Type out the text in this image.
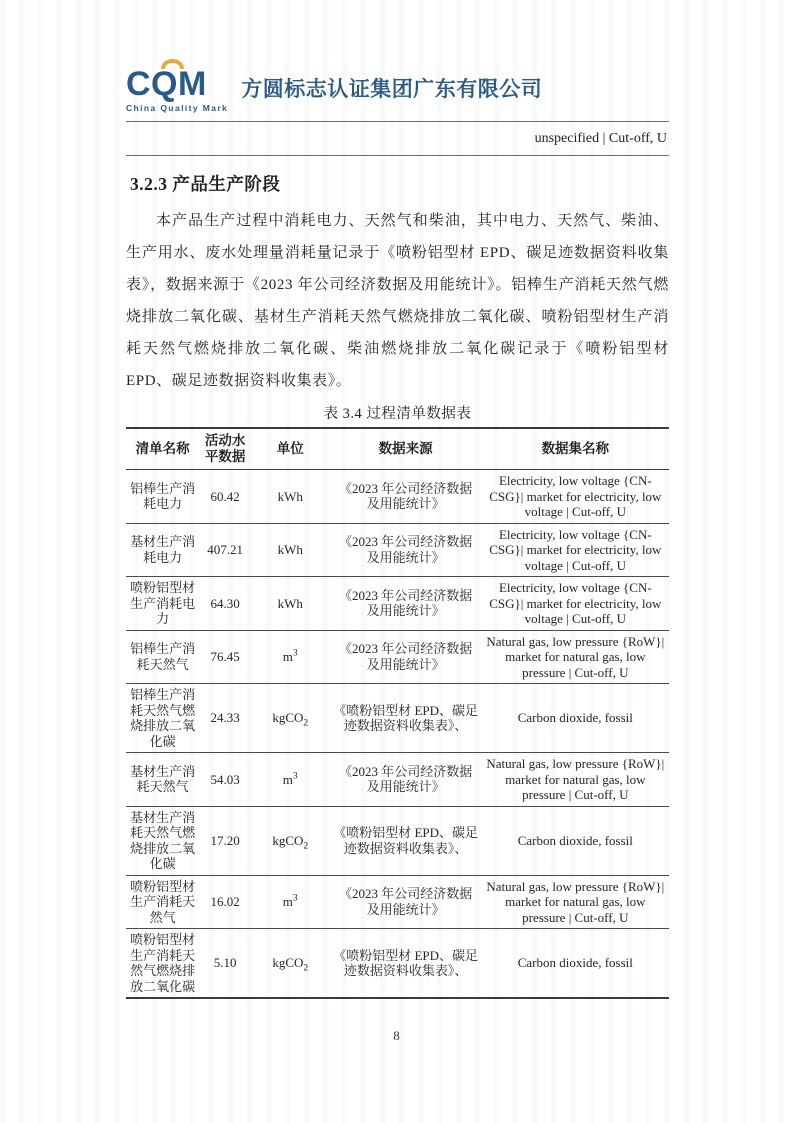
CQM
China Quality Mark
方圆标志认证集团广东有限公司
unspecified | Cut-off, U
3.2.3 产品生产阶段

本产品生产过程中消耗电力、天然气和柴油，其中电力、天然气、柴油、生产用水、废水处理量消耗量记录于《喷粉铝型材 EPD、碳足迹数据资料收集表》，数据来源于《2023 年公司经济数据及用能统计》。铝棒生产消耗天然气燃烧排放二氧化碳、基材生产消耗天然气燃烧排放二氧化碳、喷粉铝型材生产消耗天然气燃烧排放二氧化碳、柴油燃烧排放二氧化碳记录于《喷粉铝型材 EPD、碳足迹数据资料收集表》。

表 3.4 过程清单数据表
清单名称	活动水平数据	单位	数据来源	数据集名称
铝棒生产消耗电力	60.42	kWh	《2023 年公司经济数据及用能统计》	Electricity, low voltage {CN-CSG}| market for electricity, low voltage | Cut-off, U
基材生产消耗电力	407.21	kWh	《2023 年公司经济数据及用能统计》	Electricity, low voltage {CN-CSG}| market for electricity, low voltage | Cut-off, U
喷粉铝型材生产消耗电力	64.30	kWh	《2023 年公司经济数据及用能统计》	Electricity, low voltage {CN-CSG}| market for electricity, low voltage | Cut-off, U
铝棒生产消耗天然气	76.45	$m^3$	《2023 年公司经济数据及用能统计》	Natural gas, low pressure {RoW}| market for natural gas, low pressure | Cut-off, U
铝棒生产消耗天然气燃烧排放二氧化碳	24.33	kgCO$_2$	《喷粉铝型材 EPD、碳足迹数据资料收集表》、	Carbon dioxide, fossil
基材生产消耗天然气	54.03	$m^3$	《2023 年公司经济数据及用能统计》	Natural gas, low pressure {RoW}| market for natural gas, low pressure | Cut-off, U
基材生产消耗天然气燃烧排放二氧化碳	17.20	kgCO$_2$	《喷粉铝型材 EPD、碳足迹数据资料收集表》、	Carbon dioxide, fossil
喷粉铝型材生产消耗天然气	16.02	$m^3$	《2023 年公司经济数据及用能统计》	Natural gas, low pressure {RoW}| market for natural gas, low pressure | Cut-off, U
喷粉铝型材生产消耗天然气燃烧排放二氧化碳	5.10	kgCO$_2$	《喷粉铝型材 EPD、碳足迹数据资料收集表》、	Carbon dioxide, fossil
8
